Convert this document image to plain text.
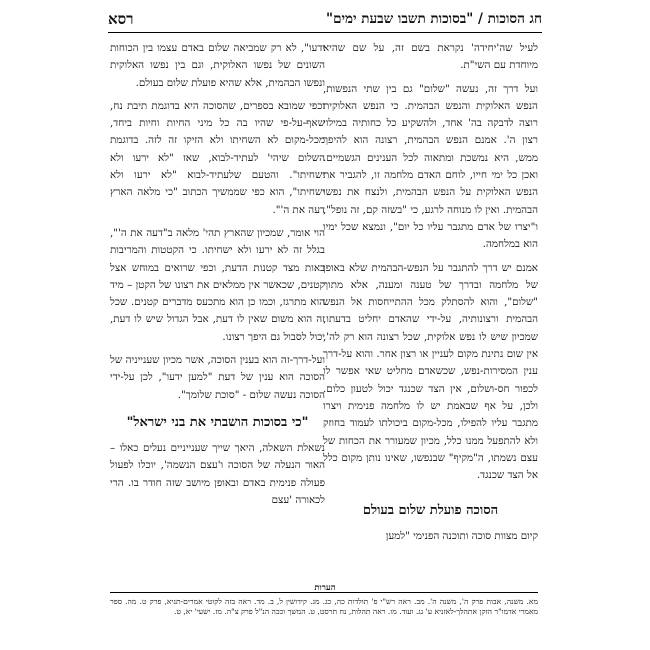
חג הסוכות / "בסוכות תשבו שבעת ימים"
רסא

לעיל שה'יחידה' נקראת בשם זה, על שם שהיא מיוחדת עם השי"ת.

ועל דרך זה, נעשה "שלום" גם בין שתי הנפשות, הנפש האלוקית והנפש הבהמית. כי הנפש האלוקית רוצה לדבקה בה' אחד, ולהשקיע כל כחותיה במילוי רצון ה'. אמנם הנפש הבהמית, רצונה הוא להיפך ממש, היא נמשכת ומתאוה לכל הענינים הגשמיים. ואכן כל ימי חייו, לוחם האדם מלחמה זו, להגביר את הנפש האלוקית על הנפש הבהמית, ולנצח את נפשו הבהמית. ואין לו מנוחה לרגע, כי "בשזה קם, זה נופל", ו"יצרו של אדם מתגבר עליו כל יום", ונמצא שכל ימיו הוא במלחמה.

אמנם יש דרך להתגבר על הנפש-הבהמית שלא באופן של מלחמה ובדרך של טענה ומענה, אלא מתוך "שלום", והוא להסתלק מכל ההתייחסות אל הנפש הבהמית ורצונותיה, על-ידי שהאדם יחליט בדעתו, שמכיון שיש לו נפש אלוקית, שכל רצונה הוא רק לה', אין שום נתינת מקום לעניין או רצון אחר. והוא על-דרך ענין המסירות-נפש, שכשאדם מחליט שאי אפשר לו לכפור חס-ושלום, אין הצד שכנגד יכול לטעון כלום. ולכן, על אף שבאמת יש לו מלחמה פנימית ויצרו מתגבר עליו להפילו, מכל-מקום ביכולתו לעמוד בחוזק ולא להתפעל ממנו כלל, מכיון שמעורר את הכחות של עצם נשמתו, ה"מקיף" שבנפשו, שאינו נותן מקום כלל אל הצד שכנגד.

הסוכה פועלת שלום בעולם

קיום מצוות סוכה ותוכנה הפנימי "למען

ידעו", לא רק שמביאה שלום באדם עצמו בין הכוחות השונים של נפשו האלוקית, וגם בין נפשו האלוקית ונפשו הבהמית, אלא שהיא פועלת שלום בעולם.

וכפי שמובא בספרים, שהסוכה היא בדוגמת תיבת נח, שאף-על-פי שהיו בה כל מיני החיות וחיות ביחד, מכל-מקום לא השחיתו ולא הזיקו זה לזה. בדוגמת השלום שיהי' לעתיד-לבוא, שאז "לא ירעו ולא ישחיתו". והטעם שלעתיד-לבוא "לא ירעו ולא ישחיתו", הוא כפי שממשיך הכתוב "כי מלאה הארץ דעה את ה'".

הוי אומר, שמכיון שהארץ תהי' מלאה ב"דעה את ה'", בגלל זה לא ירעו ולא ישחיתו. כי הקטטות והמריבות באות מצד קטנות הדעת, וכפי שרואים במוחש אצל קטנים, שכאשר אין ממלאים את רצונו של הקטן – מיד הוא מתרגז, וכמו כן הוא מתכעס מדברים קטנים. שכל זה הוא משום שאין לו דעת, אבל הגדול שיש לו דעת, יכול לסבול גם היפך רצונו.

ועל-דרך-זה הוא בענין הסוכה, אשר מכיון שענייניה של הסוכה הוא ענין של דעת "למען ידעו", לכן על-ידי הסוכה נעשה שלום - "סוכת שלומך".

"כי בסוכות הושבתי את בני ישראל"

נשאלת השאלה, היאך שייך שענייניים נעלים כאלו – האור הנעלה של הסוכה ו'עצם הנשמה', יוכלו לפעול פעולה פנימית באדם ובאופן מיושב שזה חודר בו. הרי לכאורה 'עצם

הערות
מא. משנה, אבות פרק ה', משנה ה'. מב. ראה רש"י פ' תולדות כה, כג. מג. קידושין ל, ב. מד. ראה בזה לקוטי אמרים-תניא, פרק ט. מה. ספר מאמרי אדמו"ר הזקן אתהלך-לאזניא ע' נג. ועוד. מו. ראה תהלות, נח תרסט, ט. המשך וככה הנ"ל פרק צ"ה. מז. ישעי' יא, ט.
